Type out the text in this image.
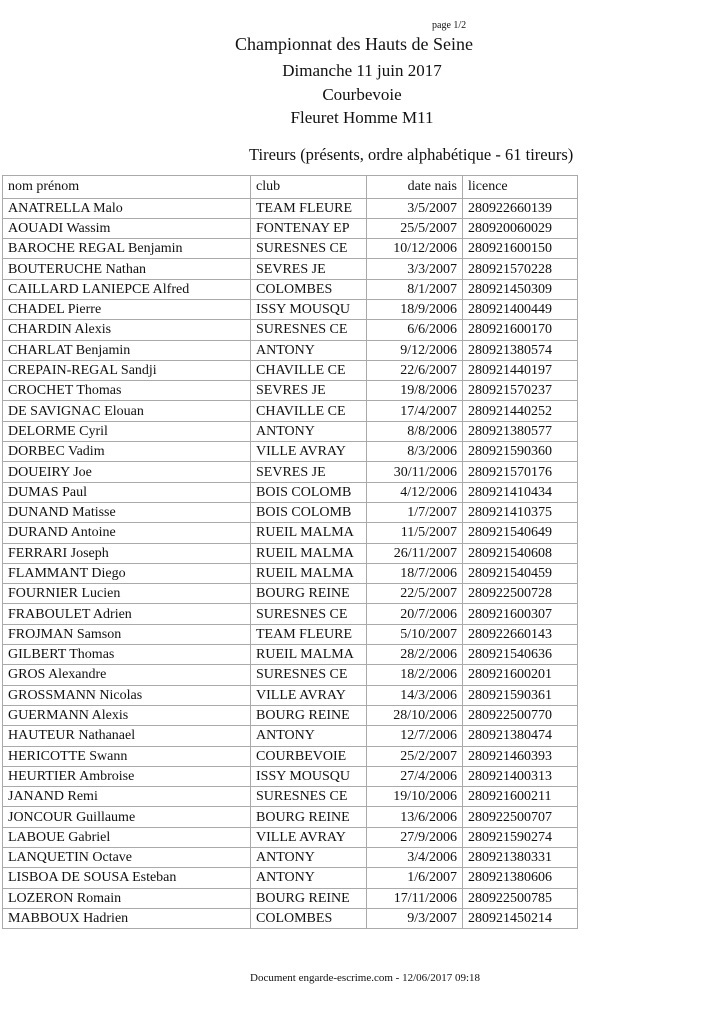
page 1/2
Championnat des Hauts de Seine
Dimanche 11 juin 2017
Courbevoie
Fleuret Homme M11
Tireurs (présents, ordre alphabétique - 61 tireurs)
nom prénom	club	date nais	licence
ANATRELLA Malo	TEAM FLEURE	3/5/2007	280922660139
AOUADI Wassim	FONTENAY EP	25/5/2007	280920060029
BAROCHE REGAL Benjamin	SURESNES CE	10/12/2006	280921600150
BOUTERUCHE Nathan	SEVRES JE	3/3/2007	280921570228
CAILLARD LANIEPCE Alfred	COLOMBES	8/1/2007	280921450309
CHADEL Pierre	ISSY MOUSQU	18/9/2006	280921400449
CHARDIN Alexis	SURESNES CE	6/6/2006	280921600170
CHARLAT Benjamin	ANTONY	9/12/2006	280921380574
CREPAIN-REGAL Sandji	CHAVILLE CE	22/6/2007	280921440197
CROCHET Thomas	SEVRES JE	19/8/2006	280921570237
DE SAVIGNAC Elouan	CHAVILLE CE	17/4/2007	280921440252
DELORME Cyril	ANTONY	8/8/2006	280921380577
DORBEC Vadim	VILLE AVRAY	8/3/2006	280921590360
DOUEIRY Joe	SEVRES JE	30/11/2006	280921570176
DUMAS Paul	BOIS COLOMB	4/12/2006	280921410434
DUNAND Matisse	BOIS COLOMB	1/7/2007	280921410375
DURAND Antoine	RUEIL MALMA	11/5/2007	280921540649
FERRARI Joseph	RUEIL MALMA	26/11/2007	280921540608
FLAMMANT Diego	RUEIL MALMA	18/7/2006	280921540459
FOURNIER Lucien	BOURG REINE	22/5/2007	280922500728
FRABOULET Adrien	SURESNES CE	20/7/2006	280921600307
FROJMAN Samson	TEAM FLEURE	5/10/2007	280922660143
GILBERT Thomas	RUEIL MALMA	28/2/2006	280921540636
GROS Alexandre	SURESNES CE	18/2/2006	280921600201
GROSSMANN Nicolas	VILLE AVRAY	14/3/2006	280921590361
GUERMANN Alexis	BOURG REINE	28/10/2006	280922500770
HAUTEUR Nathanael	ANTONY	12/7/2006	280921380474
HERICOTTE Swann	COURBEVOIE	25/2/2007	280921460393
HEURTIER Ambroise	ISSY MOUSQU	27/4/2006	280921400313
JANAND Remi	SURESNES CE	19/10/2006	280921600211
JONCOUR Guillaume	BOURG REINE	13/6/2006	280922500707
LABOUE Gabriel	VILLE AVRAY	27/9/2006	280921590274
LANQUETIN Octave	ANTONY	3/4/2006	280921380331
LISBOA DE SOUSA Esteban	ANTONY	1/6/2007	280921380606
LOZERON Romain	BOURG REINE	17/11/2006	280922500785
MABBOUX Hadrien	COLOMBES	9/3/2007	280921450214
Document engarde-escrime.com - 12/06/2017 09:18
